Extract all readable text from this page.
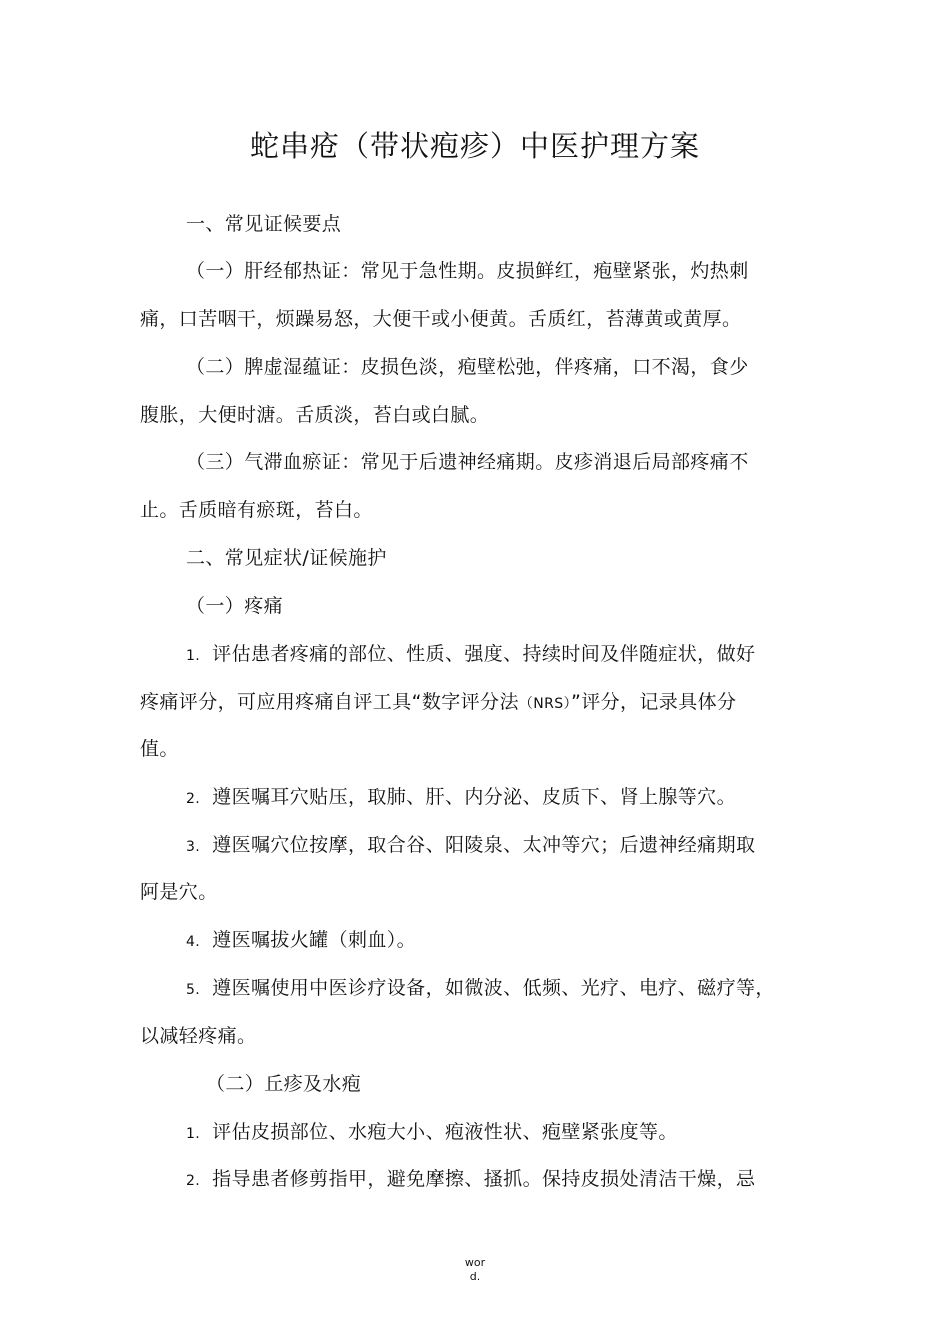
蛇串疮（带状疱疹）中医护理方案

一、常见证候要点

（一）肝经郁热证：常见于急性期。皮损鲜红，疱壁紧张，灼热刺

痛，口苦咽干，烦躁易怒，大便干或小便黄。舌质红，苔薄黄或黄厚。

（二）脾虚湿蕴证：皮损色淡，疱壁松弛，伴疼痛，口不渴，食少

腹胀，大便时溏。舌质淡，苔白或白腻。

（三）气滞血瘀证：常见于后遗神经痛期。皮疹消退后局部疼痛不

止。舌质暗有瘀斑，苔白。

二、常见症状/证候施护

（一）疼痛

1. 评估患者疼痛的部位、性质、强度、持续时间及伴随症状，做好

疼痛评分，可应用疼痛自评工具“数字评分法（NRS）”评分，记录具体分

值。

2. 遵医嘱耳穴贴压，取肺、肝、内分泌、皮质下、肾上腺等穴。

3. 遵医嘱穴位按摩，取合谷、阳陵泉、太冲等穴；后遗神经痛期取

阿是穴。

4. 遵医嘱拔火罐（刺血）。

5. 遵医嘱使用中医诊疗设备，如微波、低频、光疗、电疗、磁疗等，

以减轻疼痛。

（二）丘疹及水疱

1. 评估皮损部位、水疱大小、疱液性状、疱壁紧张度等。

2. 指导患者修剪指甲，避免摩擦、搔抓。保持皮损处清洁干燥，忌

wor
d.
